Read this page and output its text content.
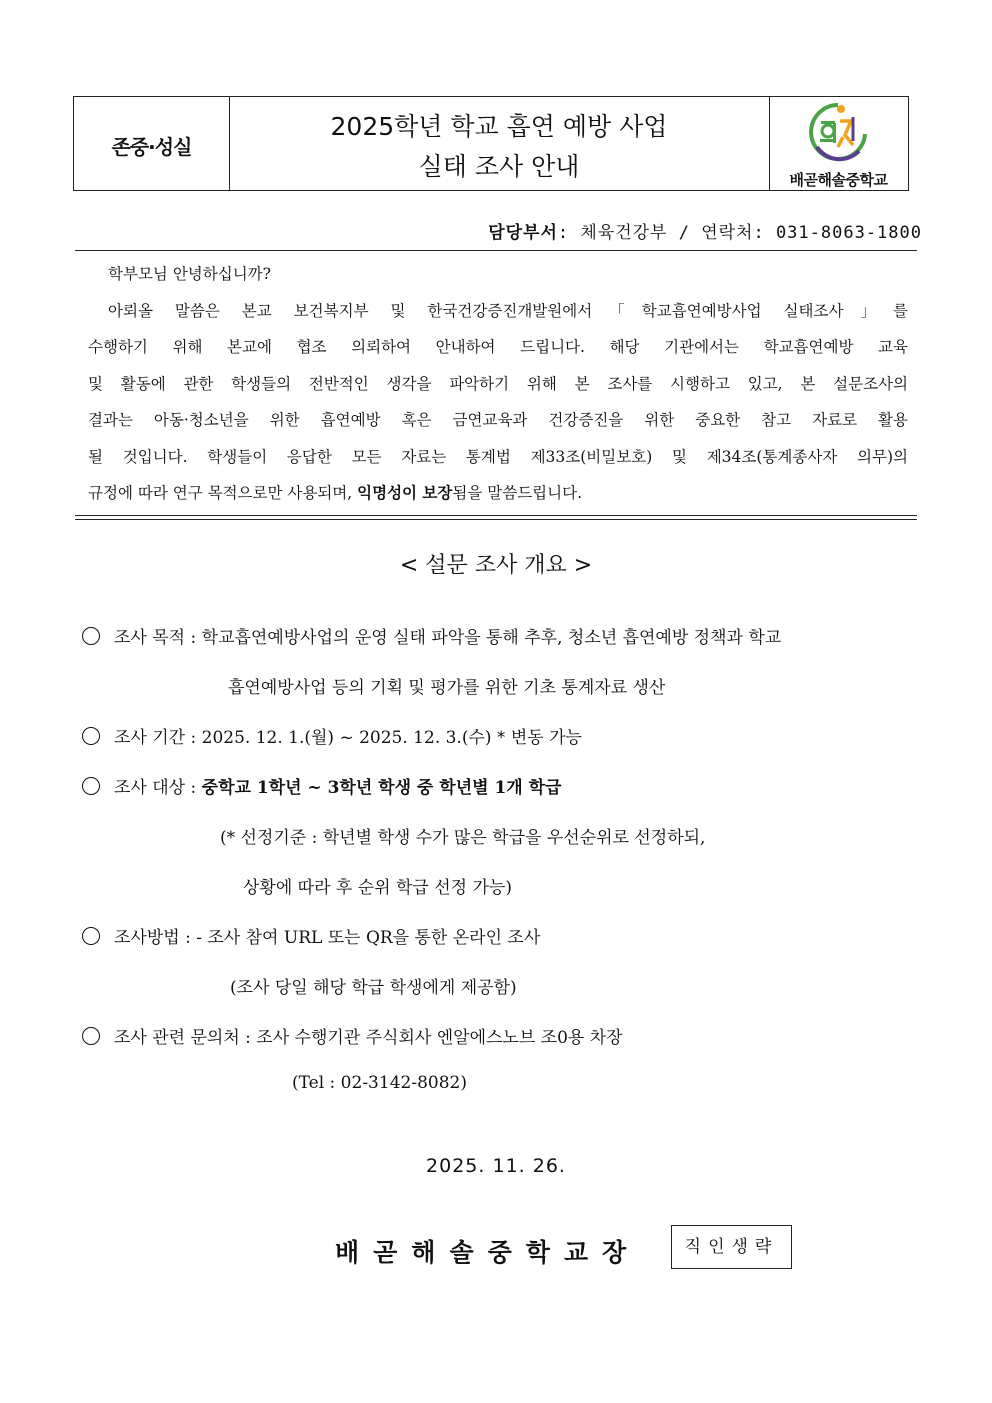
존중·성실
2025학년 학교 흡연 예방 사업
실태 조사 안내	배곧해솔중학교
담당부서: 체육건강부 / 연락처: 031-8063-1800
학부모님 안녕하십니까?
아뢰올 말씀은 본교 보건복지부 및 한국건강증진개발원에서「학교흡연예방사업 실태조사」를
수행하기 위해 본교에 협조 의뢰하여 안내하여 드립니다. 해당 기관에서는 학교흡연예방 교육
및 활동에 관한 학생들의 전반적인 생각을 파악하기 위해 본 조사를 시행하고 있고, 본 설문조사의
결과는 아동·청소년을 위한 흡연예방 혹은 금연교육과 건강증진을 위한 중요한 참고 자료로 활용
될 것입니다. 학생들이 응답한 모든 자료는 통계법 제33조(비밀보호) 및 제34조(통계종사자 의무)의
규정에 따라 연구 목적으로만 사용되며, 익명성이 보장됨을 말씀드립니다.
< 설문 조사 개요 >
조사 목적 : 학교흡연예방사업의 운영 실태 파악을 통해 추후, 청소년 흡연예방 정책과 학교
흡연예방사업 등의 기획 및 평가를 위한 기초 통계자료 생산
조사 기간 : 2025. 12. 1.(월) ~ 2025. 12. 3.(수) * 변동 가능
조사 대상 : 중학교 1학년 ~ 3학년 학생 중 학년별 1개 학급
(* 선정기준 : 학년별 학생 수가 많은 학급을 우선순위로 선정하되,
상황에 따라 후 순위 학급 선정 가능)
조사방법 : - 조사 참여 URL 또는 QR을 통한 온라인 조사
(조사 당일 해당 학급 학생에게 제공함)
조사 관련 문의처 : 조사 수행기관 주식회사 엔알에스노브 조0용 차장
(Tel : 02-3142-8082)
2025. 11. 26.
배곧해솔중학교장	직인생략
